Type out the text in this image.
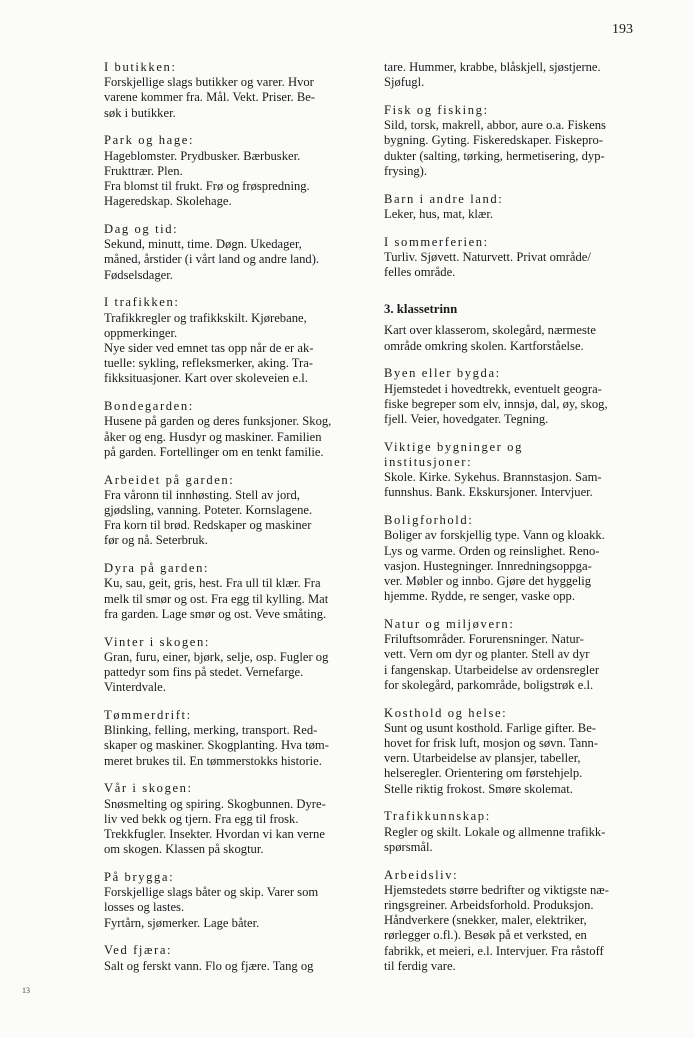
193
13
I butikken:
Forskjellige slags butikker og varer. Hvor
varene kommer fra. Mål. Vekt. Priser. Be-
søk i butikker.
Park og hage:
Hageblomster. Prydbusker. Bærbusker.
Frukttrær. Plen.
Fra blomst til frukt. Frø og frøspredning.
Hageredskap. Skolehage.
Dag og tid:
Sekund, minutt, time. Døgn. Ukedager,
måned, årstider (i vårt land og andre land).
Fødselsdager.
I trafikken:
Trafikkregler og trafikkskilt. Kjørebane,
oppmerkinger.
Nye sider ved emnet tas opp når de er ak-
tuelle: sykling, refleksmerker, aking. Tra-
fikksituasjoner. Kart over skoleveien e.l.
Bondegarden:
Husene på garden og deres funksjoner. Skog,
åker og eng. Husdyr og maskiner. Familien
på garden. Fortellinger om en tenkt familie.
Arbeidet på garden:
Fra våronn til innhøsting. Stell av jord,
gjødsling, vanning. Poteter. Kornslagene.
Fra korn til brød. Redskaper og maskiner
før og nå. Seterbruk.
Dyra på garden:
Ku, sau, geit, gris, hest. Fra ull til klær. Fra
melk til smør og ost. Fra egg til kylling. Mat
fra garden. Lage smør og ost. Veve småting.
Vinter i skogen:
Gran, furu, einer, bjørk, selje, osp. Fugler og
pattedyr som fins på stedet. Vernefarge.
Vinterdvale.
Tømmerdrift:
Blinking, felling, merking, transport. Red-
skaper og maskiner. Skogplanting. Hva tøm-
meret brukes til. En tømmerstokks historie.
Vår i skogen:
Snøsmelting og spiring. Skogbunnen. Dyre-
liv ved bekk og tjern. Fra egg til frosk.
Trekkfugler. Insekter. Hvordan vi kan verne
om skogen. Klassen på skogtur.
På brygga:
Forskjellige slags båter og skip. Varer som
losses og lastes.
Fyrtårn, sjømerker. Lage båter.
Ved fjæra:
Salt og ferskt vann. Flo og fjære. Tang og
tare. Hummer, krabbe, blåskjell, sjøstjerne.
Sjøfugl.
Fisk og fisking:
Sild, torsk, makrell, abbor, aure o.a. Fiskens
bygning. Gyting. Fiskeredskaper. Fiskepro-
dukter (salting, tørking, hermetisering, dyp-
frysing).
Barn i andre land:
Leker, hus, mat, klær.
I sommerferien:
Turliv. Sjøvett. Naturvett. Privat område/
felles område.
3. klassetrinn
Kart over klasserom, skolegård, nærmeste
område omkring skolen. Kartforståelse.
Byen eller bygda:
Hjemstedet i hovedtrekk, eventuelt geogra-
fiske begreper som elv, innsjø, dal, øy, skog,
fjell. Veier, hovedgater. Tegning.
Viktige bygninger og
institusjoner:
Skole. Kirke. Sykehus. Brannstasjon. Sam-
funnshus. Bank. Ekskursjoner. Intervjuer.
Boligforhold:
Boliger av forskjellig type. Vann og kloakk.
Lys og varme. Orden og reinslighet. Reno-
vasjon. Hustegninger. Innredningsoppga-
ver. Møbler og innbo. Gjøre det hyggelig
hjemme. Rydde, re senger, vaske opp.
Natur og miljøvern:
Friluftsområder. Forurensninger. Natur-
vett. Vern om dyr og planter. Stell av dyr
i fangenskap. Utarbeidelse av ordensregler
for skolegård, parkområde, boligstrøk e.l.
Kosthold og helse:
Sunt og usunt kosthold. Farlige gifter. Be-
hovet for frisk luft, mosjon og søvn. Tann-
vern. Utarbeidelse av plansjer, tabeller,
helseregler. Orientering om førstehjelp.
Stelle riktig frokost. Smøre skolemat.
Trafikkunnskap:
Regler og skilt. Lokale og allmenne trafikk-
spørsmål.
Arbeidsliv:
Hjemstedets større bedrifter og viktigste næ-
ringsgreiner. Arbeidsforhold. Produksjon.
Håndverkere (snekker, maler, elektriker,
rørlegger o.fl.). Besøk på et verksted, en
fabrikk, et meieri, e.l. Intervjuer. Fra råstoff
til ferdig vare.
